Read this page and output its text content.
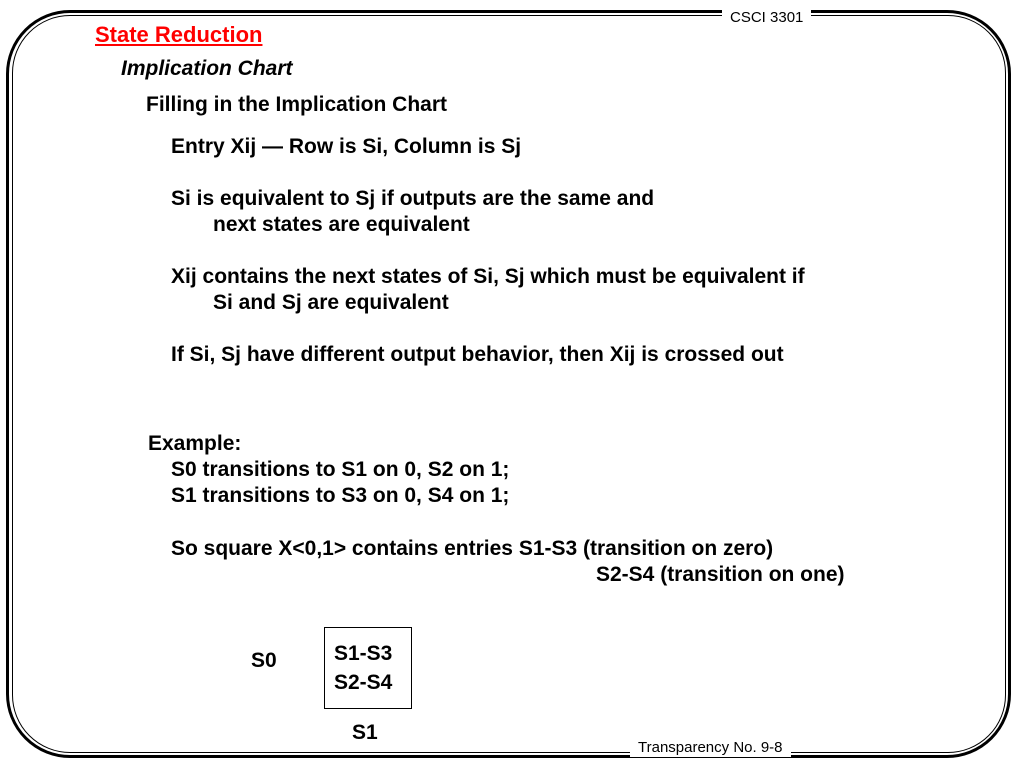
CSCI 3301
Transparency No. 9-8
State Reduction
Implication Chart
Filling in the Implication Chart
Entry Xij — Row is Si, Column is Sj
Si is equivalent to Sj if outputs are the same and
next states are equivalent
Xij contains the next states of Si, Sj which must be equivalent if
Si and Sj are equivalent
If Si, Sj have different output behavior, then Xij is crossed out
Example:
S0 transitions to S1 on 0, S2 on 1;
S1 transitions to S3 on 0, S4 on 1;
So square X<0,1> contains entries S1-S3 (transition on zero)
S2-S4 (transition on one)
S0	S1-S3
S2-S4
S1
